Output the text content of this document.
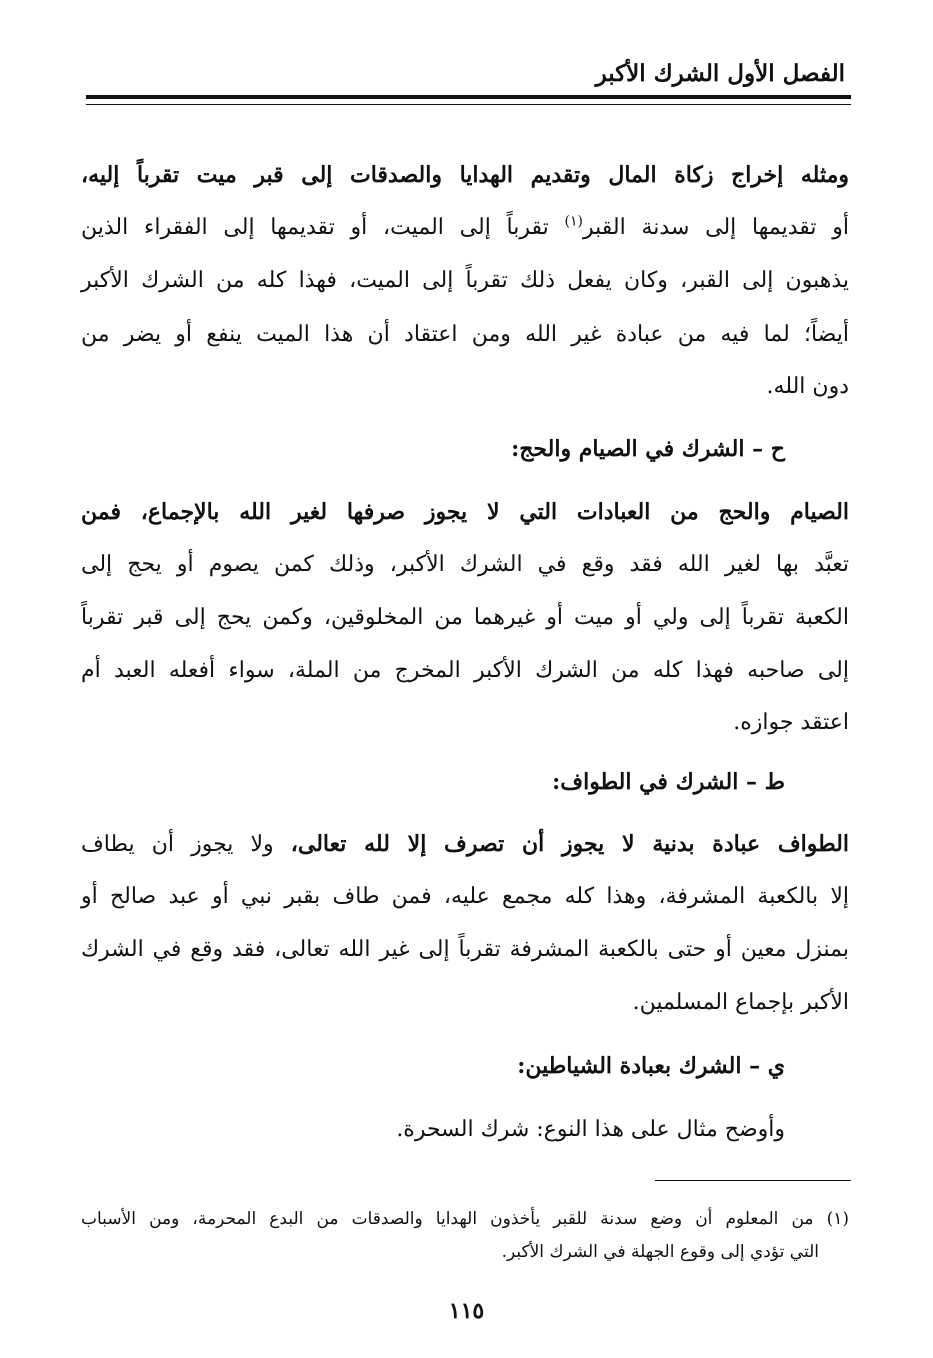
الفصل الأول الشرك الأكبر
ومثله إخراج زكاة المال وتقديم الهدايا والصدقات إلى قبر ميت تقرباً إليه،
أو تقديمها إلى سدنة القبر$^{(١)}$ تقرباً إلى الميت، أو تقديمها إلى الفقراء الذين
يذهبون إلى القبر، وكان يفعل ذلك تقرباً إلى الميت، فهذا كله من الشرك الأكبر
أيضاً؛ لما فيه من عبادة غير الله ومن اعتقاد أن هذا الميت ينفع أو يضر من
دون الله.
ح – الشرك في الصيام والحج:
الصيام والحج من العبادات التي لا يجوز صرفها لغير الله بالإجماع، فمن
تعبَّد بها لغير الله فقد وقع في الشرك الأكبر، وذلك كمن يصوم أو يحج إلى
الكعبة تقرباً إلى ولي أو ميت أو غيرهما من المخلوقين، وكمن يحج إلى قبر تقرباً
إلى صاحبه فهذا كله من الشرك الأكبر المخرج من الملة، سواء أفعله العبد أم
اعتقد جوازه.
ط – الشرك في الطواف:
الطواف عبادة بدنية لا يجوز أن تصرف إلا لله تعالى، ولا يجوز أن يطاف
إلا بالكعبة المشرفة، وهذا كله مجمع عليه، فمن طاف بقبر نبي أو عبد صالح أو
بمنزل معين أو حتى بالكعبة المشرفة تقرباً إلى غير الله تعالى، فقد وقع في الشرك
الأكبر بإجماع المسلمين.
ي – الشرك بعبادة الشياطين:
وأوضح مثال على هذا النوع: شرك السحرة.
(١) من المعلوم أن وضع سدنة للقبر يأخذون الهدايا والصدقات من البدع المحرمة، ومن الأسباب
التي تؤدي إلى وقوع الجهلة في الشرك الأكبر.
١١٥
